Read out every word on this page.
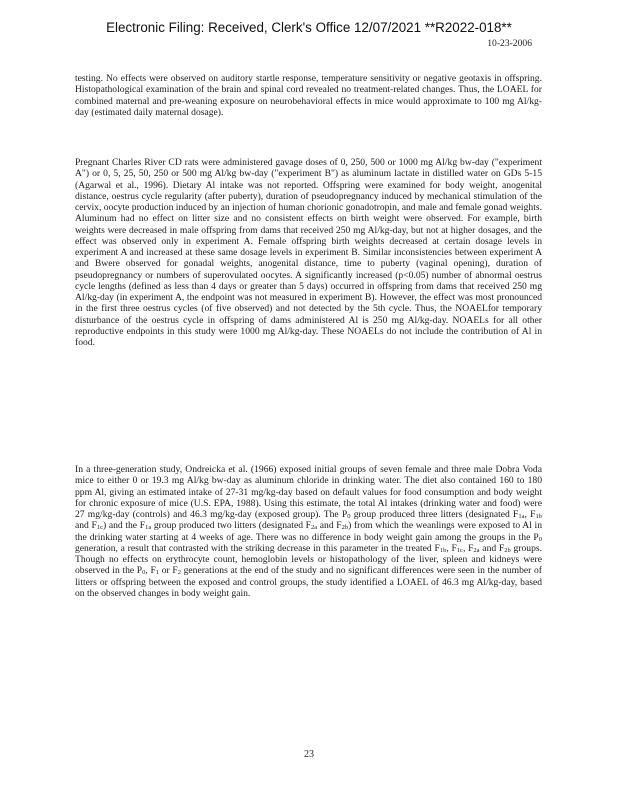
Electronic Filing: Received, Clerk's Office 12/07/2021 **R2022-018**
10-23-2006

testing. No effects were observed on auditory startle response, temperature sensitivity or negative geotaxis in offspring. Histopathological examination of the brain and spinal cord revealed no treatment-related changes. Thus, the LOAEL for combined maternal and pre-weaning exposure on neurobehavioral effects in mice would approximate to 100 mg Al/kg-day (estimated daily maternal dosage).

Pregnant Charles River CD rats were administered gavage doses of 0, 250, 500 or 1000 mg Al/kg bw-day ("experiment A") or 0, 5, 25, 50, 250 or 500 mg Al/kg bw-day ("experiment B") as aluminum lactate in distilled water on GDs 5-15 (Agarwal et al., 1996). Dietary Al intake was not reported. Offspring were examined for body weight, anogenital distance, oestrus cycle regularity (after puberty), duration of pseudopregnancy induced by mechanical stimulation of the cervix, oocyte production induced by an injection of human chorionic gonadotropin, and male and female gonad weights. Aluminum had no effect on litter size and no consistent effects on birth weight were observed. For example, birth weights were decreased in male offspring from dams that received 250 mg Al/kg-day, but not at higher dosages, and the effect was observed only in experiment A. Female offspring birth weights decreased at certain dosage levels in experiment A and increased at these same dosage levels in experiment B. Similar inconsistencies between experiment A and Bwere observed for gonadal weights, anogenital distance, time to puberty (vaginal opening), duration of pseudopregnancy or numbers of superovulated oocytes. A significantly increased (p<0.05) number of abnormal oestrus cycle lengths (defined as less than 4 days or greater than 5 days) occurred in offspring from dams that received 250 mg Al/kg-day (in experiment A, the endpoint was not measured in experiment B). However, the effect was most pronounced in the first three oestrus cycles (of five observed) and not detected by the 5th cycle. Thus, the NOAELfor temporary disturbance of the oestrus cycle in offspring of dams administered Al is 250 mg Al/kg-day. NOAELs for all other reproductive endpoints in this study were 1000 mg Al/kg-day. These NOAELs do not include the contribution of Al in food.

In a three-generation study, Ondreicka et al. (1966) exposed initial groups of seven female and three male Dobra Voda mice to either 0 or 19.3 mg Al/kg bw-day as aluminum chloride in drinking water. The diet also contained 160 to 180 ppm Al, giving an estimated intake of 27-31 mg/kg-day based on default values for food consumption and body weight for chronic exposure of mice (U.S. EPA, 1988). Using this estimate, the total Al intakes (drinking water and food) were 27 mg/kg-day (controls) and 46.3 mg/kg-day (exposed group). The $P_0$ group produced three litters (designated $F_{1a}$, $F_{1b}$ and $F_{1c}$) and the $F_{1a}$ group produced two litters (designated $F_{2a}$ and $F_{2b}$) from which the weanlings were exposed to Al in the drinking water starting at 4 weeks of age. There was no difference in body weight gain among the groups in the $P_0$ generation, a result that contrasted with the striking decrease in this parameter in the treated $F_{1b}$, $F_{1c}$, $F_{2a}$ and $F_{2b}$ groups. Though no effects on erythrocyte count, hemoglobin levels or histopathology of the liver, spleen and kidneys were observed in the $P_0$, $F_1$ or $F_2$ generations at the end of the study and no significant differences were seen in the number of litters or offspring between the exposed and control groups, the study identified a LOAEL of 46.3 mg Al/kg-day, based on the observed changes in body weight gain.

23
